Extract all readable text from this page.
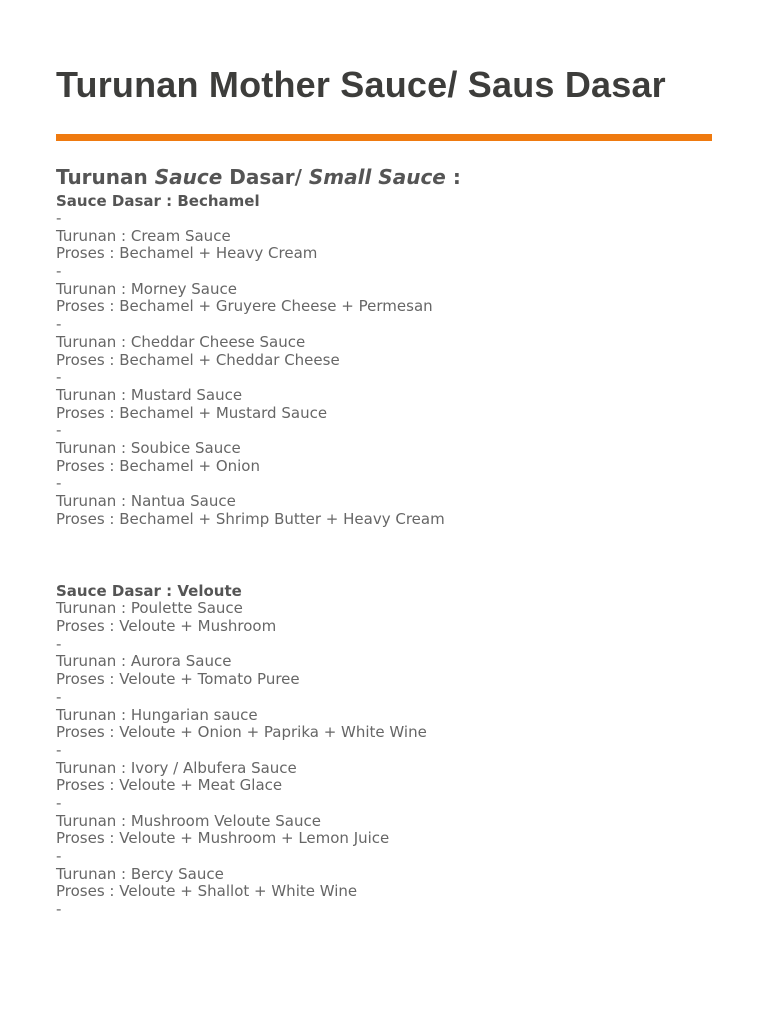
Turunan Mother Sauce/ Saus Dasar
Turunan Sauce Dasar/ Small Sauce :
Sauce Dasar : Bechamel
-
Turunan : Cream Sauce
Proses : Bechamel + Heavy Cream
-
Turunan : Morney Sauce
Proses : Bechamel + Gruyere Cheese + Permesan
-
Turunan : Cheddar Cheese Sauce
Proses : Bechamel + Cheddar Cheese
-
Turunan : Mustard Sauce
Proses : Bechamel + Mustard Sauce
-
Turunan : Soubice Sauce
Proses : Bechamel + Onion
-
Turunan : Nantua Sauce
Proses : Bechamel + Shrimp Butter + Heavy Cream
Sauce Dasar : Veloute
Turunan : Poulette Sauce
Proses : Veloute + Mushroom
-
Turunan : Aurora Sauce
Proses : Veloute + Tomato Puree
-
Turunan : Hungarian sauce
Proses : Veloute + Onion + Paprika + White Wine
-
Turunan : Ivory / Albufera Sauce
Proses : Veloute + Meat Glace
-
Turunan : Mushroom Veloute Sauce
Proses : Veloute + Mushroom + Lemon Juice
-
Turunan : Bercy Sauce
Proses : Veloute + Shallot + White Wine
-
